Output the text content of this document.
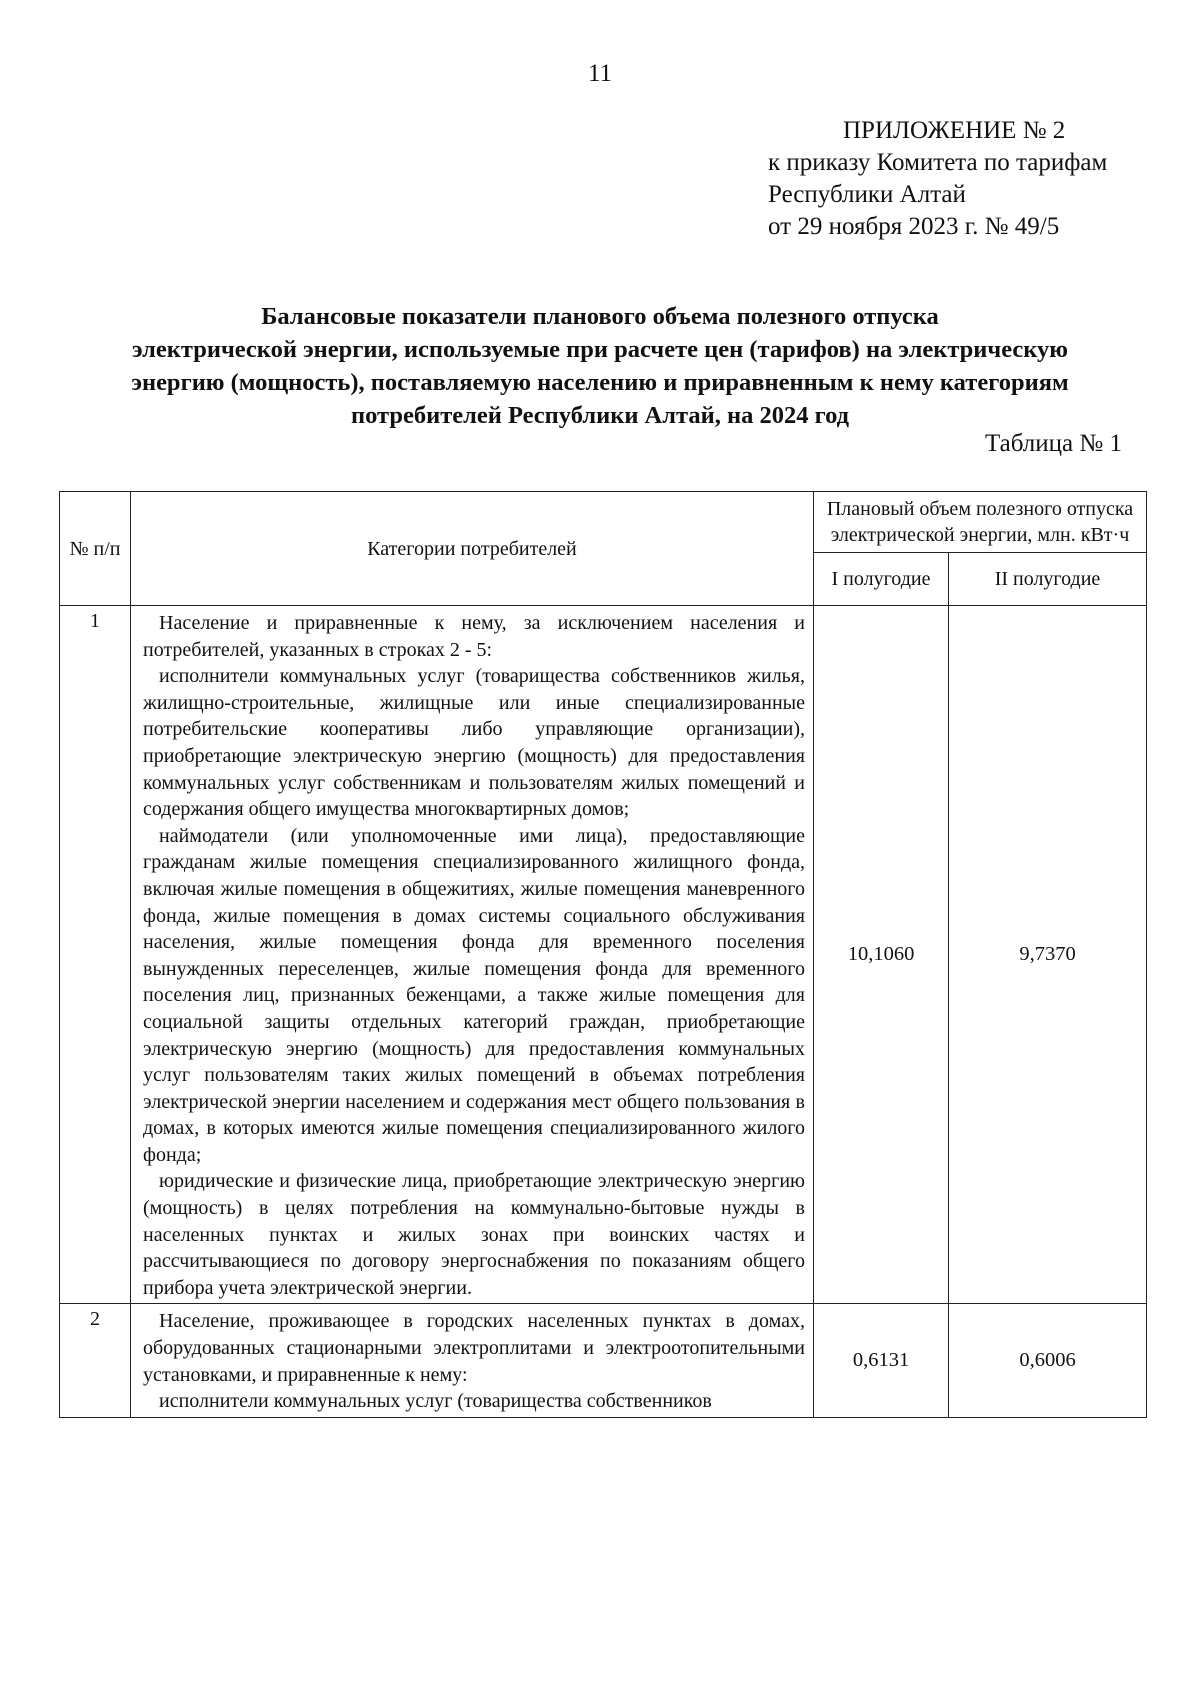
11
ПРИЛОЖЕНИЕ № 2
к приказу Комитета по тарифам
Республики Алтай
от 29 ноября 2023 г. № 49/5
Балансовые показатели планового объема полезного отпуска
электрической энергии, используемые при расчете цен (тарифов) на электрическую
энергию (мощность), поставляемую населению и приравненным к нему категориям
потребителей Республики Алтай, на 2024 год
Таблица № 1
№ п/п	Категории потребителей	Плановый объем полезного отпуска электрической энергии, млн. кВт·ч	
		I полугодие	II полугодие
1	Население и приравненные к нему, за исключением населения и потребителей, указанных в строках 2 - 5:

исполнители коммунальных услуг (товарищества собственников жилья, жилищно-строительные, жилищные или иные специализированные потребительские кооперативы либо управляющие организации), приобретающие электрическую энергию (мощность) для предоставления коммунальных услуг собственникам и пользователям жилых помещений и содержания общего имущества многоквартирных домов;

наймодатели (или уполномоченные ими лица), предоставляющие гражданам жилые помещения специализированного жилищного фонда, включая жилые помещения в общежитиях, жилые помещения маневренного фонда, жилые помещения в домах системы социального обслуживания населения, жилые помещения фонда для временного поселения вынужденных переселенцев, жилые помещения фонда для временного поселения лиц, признанных беженцами, а также жилые помещения для социальной защиты отдельных категорий граждан, приобретающие электрическую энергию (мощность) для предоставления коммунальных услуг пользователям таких жилых помещений в объемах потребления электрической энергии населением и содержания мест общего пользования в домах, в которых имеются жилые помещения специализированного жилого фонда;

юридические и физические лица, приобретающие электрическую энергию (мощность) в целях потребления на коммунально-бытовые нужды в населенных пунктах и жилых зонах при воинских частях и рассчитывающиеся по договору энергоснабжения по показаниям общего прибора учета электрической энергии.	10,1060	9,7370
2	Население, проживающее в городских населенных пунктах в домах, оборудованных стационарными электроплитами и электроотопительными установками, и приравненные к нему:

исполнители коммунальных услуг (товарищества собственников	0,6131	0,6006
